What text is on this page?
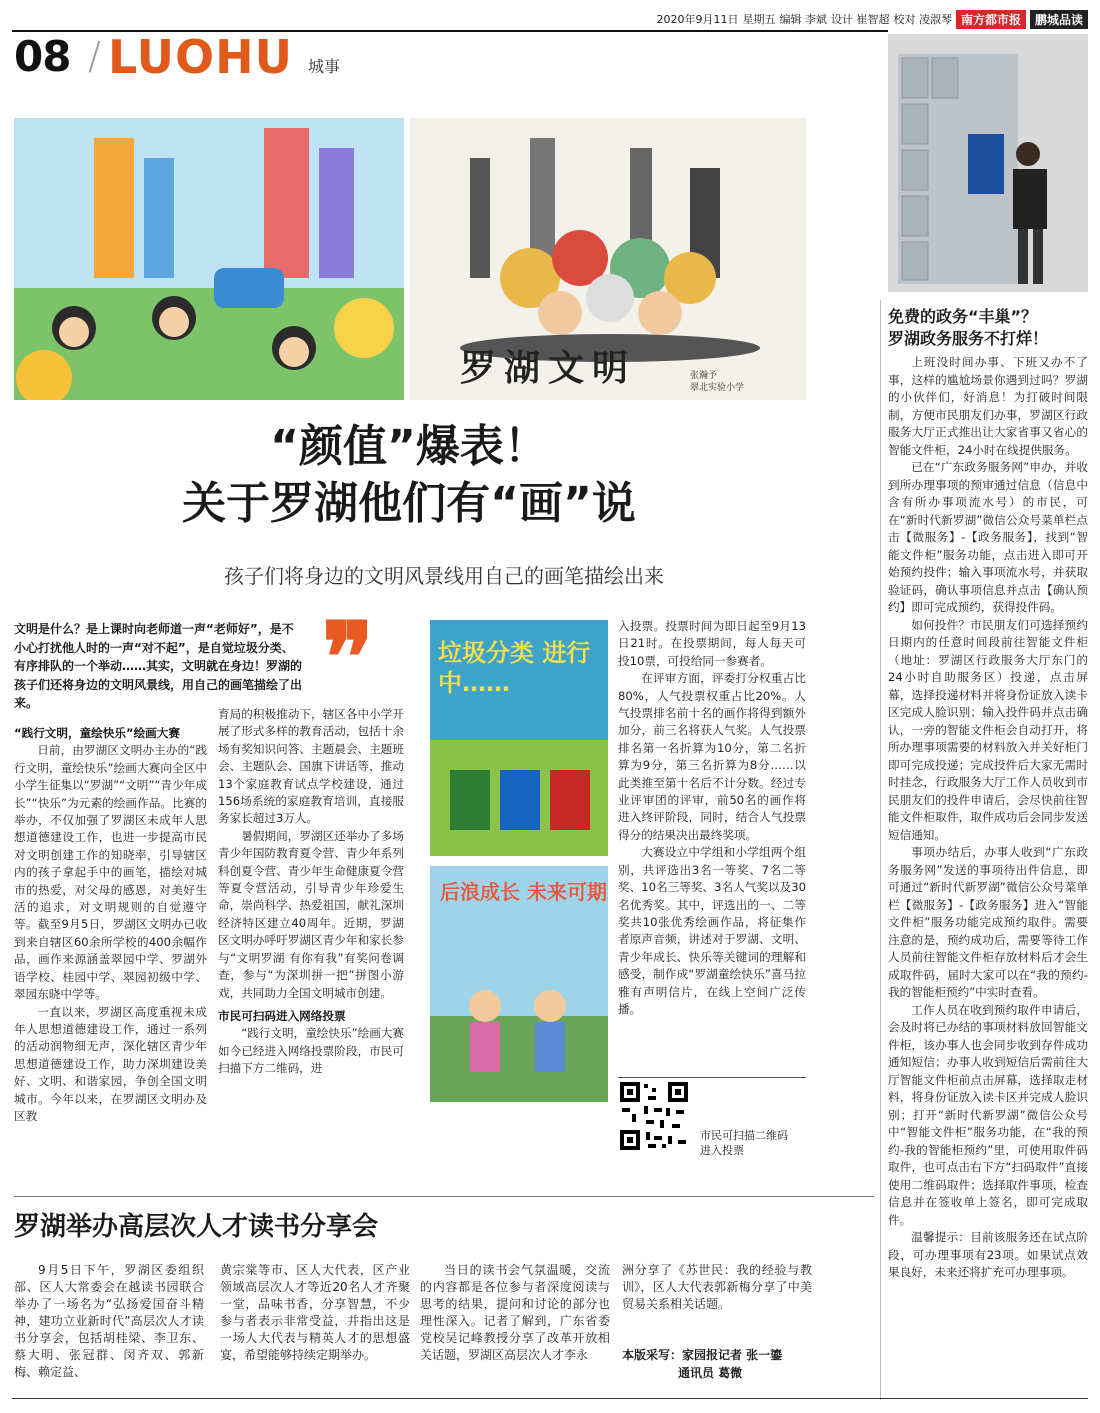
2020年9月11日 星期五 编辑 李斌 设计 崔智超 校对 凌淑琴 南方都市报	鹏城品读
08 / LUOHU 城事
罗湖文明	张瀚予
翠北实验小学
“颜值”爆表！
关于罗湖他们有“画”说
孩子们将身边的文明风景线用自己的画笔描绘出来
文明是什么？是上课时向老师道一声“老师好”，是不小心打扰他人时的一声“对不起”，是自觉垃圾分类、有序排队的一个举动……其实，文明就在身边！罗湖的孩子们还将身边的文明风景线，用自己的画笔描绘了出来。	❞
“践行文明，童绘快乐”绘画大赛

日前，由罗湖区文明办主办的“践行文明，童绘快乐”绘画大赛向全区中小学生征集以“罗湖”“文明”“青少年成长”“快乐”为元素的绘画作品。比赛的举办，不仅加强了罗湖区未成年人思想道德建设工作，也进一步提高市民对文明创建工作的知晓率，引导辖区内的孩子拿起手中的画笔，描绘对城市的热爱，对父母的感恩，对美好生活的追求，对文明规则的自觉遵守等。截至9月5日，罗湖区文明办已收到来自辖区60余所学校的400余幅作品，画作来源涵盖翠园中学、罗湖外语学校、桂园中学、翠园初级中学、翠园东晓中学等。

一直以来，罗湖区高度重视未成年人思想道德建设工作，通过一系列的活动润物细无声，深化辖区青少年思想道德建设工作，助力深圳建设美好、文明、和谐家园，争创全国文明城市。今年以来，在罗湖区文明办及区教

育局的积极推动下，辖区各中小学开展了形式多样的教育活动，包括十余场有奖知识问答、主题晨会、主题班会、主题队会、国旗下讲话等，推动13个家庭教育试点学校建设，通过156场系统的家庭教育培训，直接服务家长超过3万人。

暑假期间，罗湖区还举办了多场青少年国防教育夏令营、青少年系列科创夏令营、青少年生命健康夏令营等夏令营活动，引导青少年珍爱生命，崇尚科学、热爱祖国，献礼深圳经济特区建立40周年。近期，罗湖区文明办呼吁罗湖区青少年和家长参与“文明罗湖 有你有我”有奖问卷调查，参与“为深圳拼一把”拼图小游戏，共同助力全国文明城市创建。

市民可扫码进入网络投票

“践行文明，童绘快乐”绘画大赛如今已经进入网络投票阶段，市民可扫描下方二维码，进

垃圾分类 进行中……
后浪成长 未来可期
入投票。投票时间为即日起至9月13日21时。在投票期间，每人每天可投10票，可投给同一参赛者。

在评审方面，评委打分权重占比80%，人气投票权重占比20%。人气投票排名前十名的画作将得到额外加分，前三名将获人气奖。人气投票排名第一名折算为10分，第二名折算为9分，第三名折算为8分……以此类推至第十名后不计分数。经过专业评审团的评审，前50名的画作将进入终评阶段，同时，结合人气投票得分的结果决出最终奖项。

大赛设立中学组和小学组两个组别，共评选出3名一等奖、7名二等奖、10名三等奖、3名人气奖以及30名优秀奖。其中，评选出的一、二等奖共10张优秀绘画作品，将征集作者原声音频，讲述对于罗湖、文明、青少年成长、快乐等关键词的理解和感受，制作成“罗湖童绘快乐”喜马拉雅有声明信片，在线上空间广泛传播。

市民可扫描二维码
进入投票
罗湖举办高层次人才读书分享会

9月5日下午，罗湖区委组织部、区人大常委会在越读书园联合举办了一场名为“弘扬爱国奋斗精神，建功立业新时代”高层次人才读书分享会，包括胡桂梁、李卫东、蔡大明、张冠群、闵齐双、郭新梅、赖定益、

黄宗棠等市、区人大代表，区产业领域高层次人才等近20名人才齐聚一堂，品味书香，分享智慧，不少参与者表示非常受益，并指出这是一场人大代表与精英人才的思想盛宴，希望能够持续定期举办。

当日的读书会气氛温暖，交流的内容都是各位参与者深度阅读与思考的结果，提问和讨论的部分也理性深入。记者了解到，广东省委党校吴记峰教授分享了改革开放相关话题，罗湖区高层次人才李永

洲分享了《苏世民：我的经验与教训》，区人大代表郭新梅分享了中美贸易关系相关话题。
本版采写：家园报记者 张一鎏
通讯员 葛微
免费的政务“丰巢”？
罗湖政务服务不打烊！

上班没时间办事、下班又办不了事，这样的尴尬场景你遇到过吗？罗湖的小伙伴们，好消息！为打破时间限制，方便市民朋友们办事，罗湖区行政服务大厅正式推出让大家省事又省心的智能文件柜，24小时在线提供服务。

已在“广东政务服务网”申办，并收到所办理事项的预审通过信息（信息中含有所办事项流水号）的市民，可在“新时代新罗湖”微信公众号菜单栏点击【微服务】-【政务服务】，找到“智能文件柜”服务功能，点击进入即可开始预约投件；输入事项流水号，并获取验证码，确认事项信息并点击【确认预约】即可完成预约，获得投件码。

如何投件？市民朋友们可选择预约日期内的任意时间段前往智能文件柜（地址：罗湖区行政服务大厅东门的24小时自助服务区）投递，点击屏幕，选择投递材料并将身份证放入读卡区完成人脸识别；输入投件码并点击确认，一旁的智能文件柜会自动打开，将所办理事项需要的材料放入并关好柜门即可完成投递；完成投件后大家无需时时挂念，行政服务大厅工作人员收到市民朋友们的投件申请后，会尽快前往智能文件柜取件，取件成功后会同步发送短信通知。

事项办结后，办事人收到“广东政务服务网”发送的事项待出件信息，即可通过“新时代新罗湖”微信公众号菜单栏【微服务】-【政务服务】进入“智能文件柜”服务功能完成预约取件。需要注意的是，预约成功后，需要等待工作人员前往智能文件柜存放材料后才会生成取件码，届时大家可以在“我的预约-我的智能柜预约”中实时查看。

工作人员在收到预约取件申请后，会及时将已办结的事项材料放回智能文件柜，该办事人也会同步收到存件成功通知短信；办事人收到短信后需前往大厅智能文件柜前点击屏幕，选择取走材料，将身份证放入读卡区并完成人脸识别；打开“新时代新罗湖”微信公众号中“智能文件柜”服务功能，在“我的预约-我的智能柜预约”里，可使用取件码取件，也可点击右下方“扫码取件”直接使用二维码取件；选择取件事项，检查信息并在签收单上签名，即可完成取件。

温馨提示：目前该服务还在试点阶段，可办理事项有23项。如果试点效果良好，未来还将扩充可办理事项。
